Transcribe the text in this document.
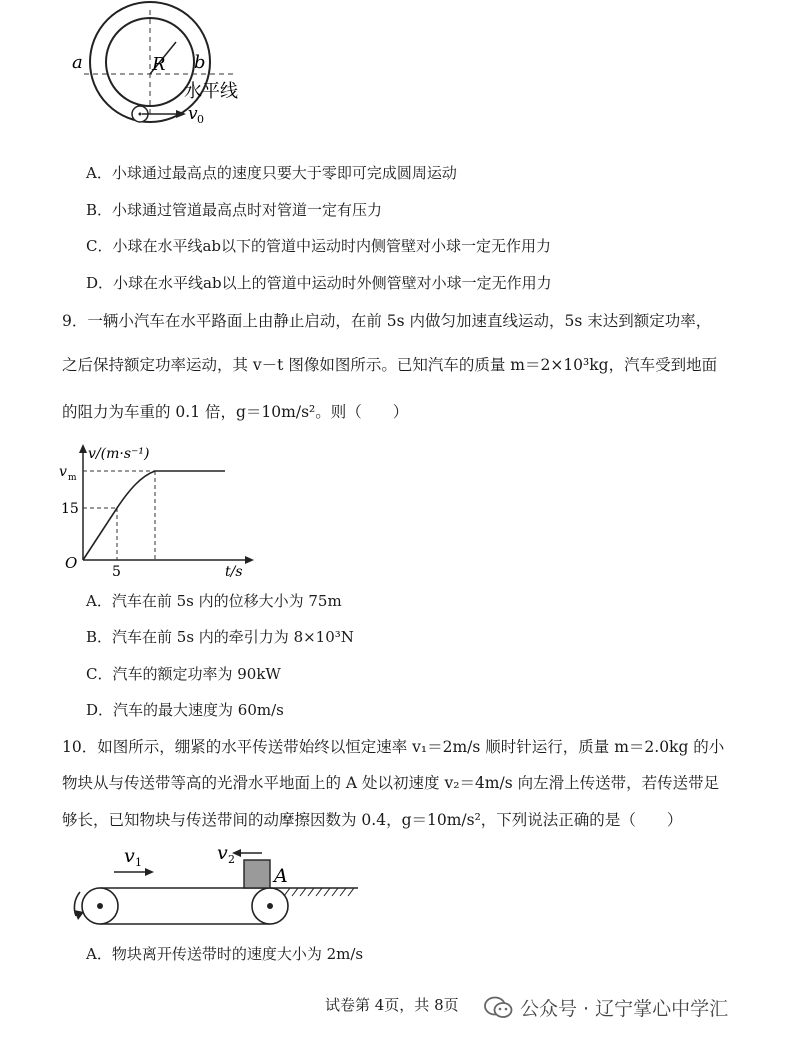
a	b
R
水平线
v 0
A．小球通过最高点的速度只要大于零即可完成圆周运动
B．小球通过管道最高点时对管道一定有压力
C．小球在水平线ab以下的管道中运动时内侧管壁对小球一定无作用力
D．小球在水平线ab以上的管道中运动时外侧管壁对小球一定无作用力
9．一辆小汽车在水平路面上由静止启动，在前 5s 内做匀加速直线运动，5s 末达到额定功率，
之后保持额定功率运动，其 v－t 图像如图所示。已知汽车的质量 m＝2×10³kg，汽车受到地面
的阻力为车重的 0.1 倍，g＝10m/s²。则（　　）
v/(m·s⁻¹)
t/s
O
v m
15
5
A．汽车在前 5s 内的位移大小为 75m
B．汽车在前 5s 内的牵引力为 8×10³N
C．汽车的额定功率为 90kW
D．汽车的最大速度为 60m/s
10．如图所示，绷紧的水平传送带始终以恒定速率 v₁＝2m/s 顺时针运行，质量 m＝2.0kg 的小
物块从与传送带等高的光滑水平地面上的 A 处以初速度 v₂＝4m/s 向左滑上传送带，若传送带足
够长，已知物块与传送带间的动摩擦因数为 0.4，g＝10m/s²，下列说法正确的是（　　）
v 1	v 2
A
A．物块离开传送带时的速度大小为 2m/s
试卷第 4页，共 8页	公众号 · 辽宁掌心中学汇
